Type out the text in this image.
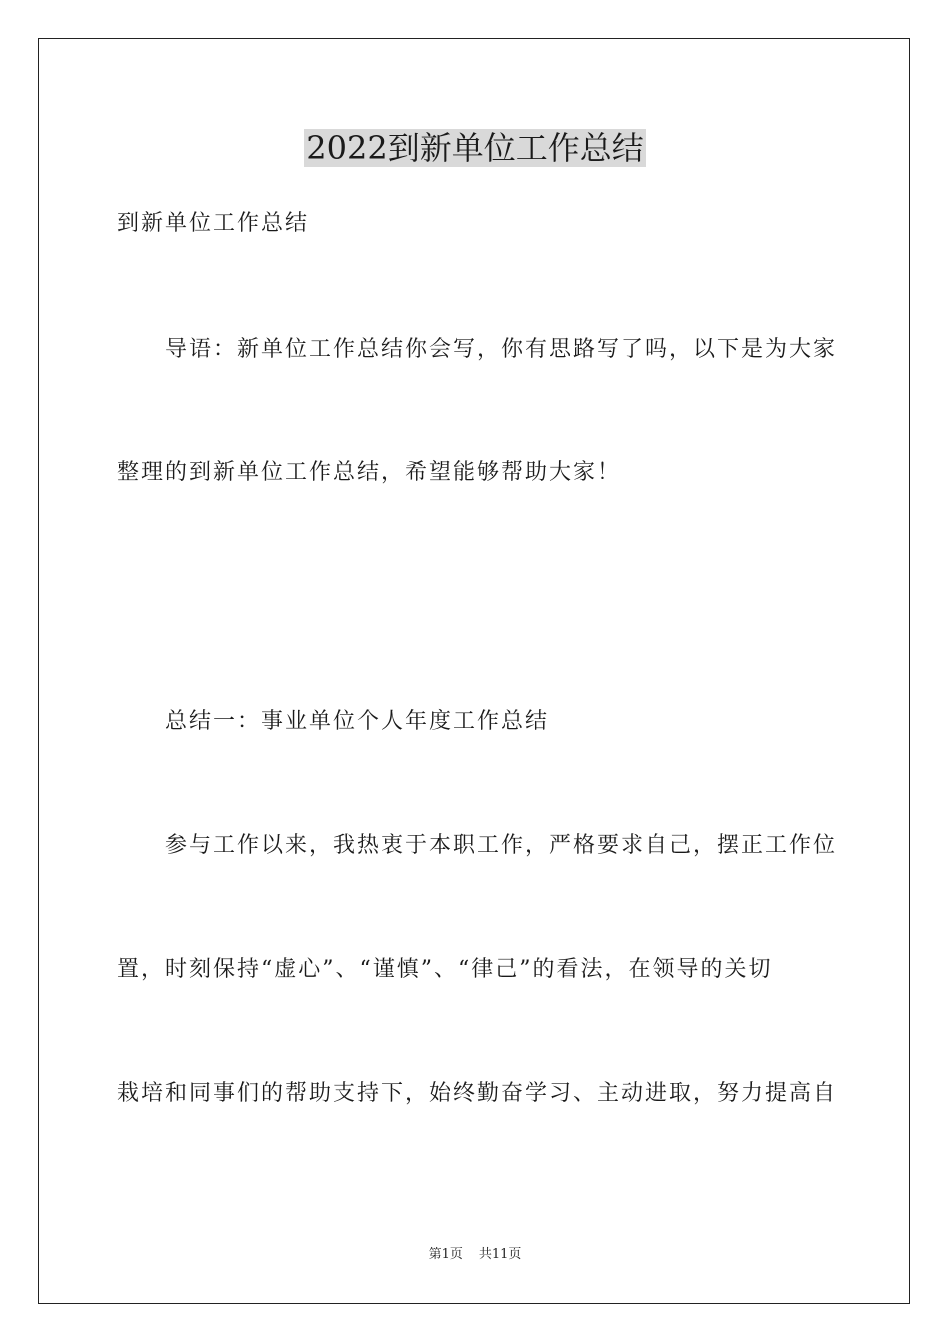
2022到新单位工作总结
到新单位工作总结
导语：新单位工作总结你会写，你有思路写了吗，以下是为大家
整理的到新单位工作总结，希望能够帮助大家！
总结一：事业单位个人年度工作总结
参与工作以来，我热衷于本职工作，严格要求自己，摆正工作位
置，时刻保持“虚心”、“谨慎”、“律己”的看法，在领导的关切
栽培和同事们的帮助支持下，始终勤奋学习、主动进取，努力提高自
第1页 共11页
